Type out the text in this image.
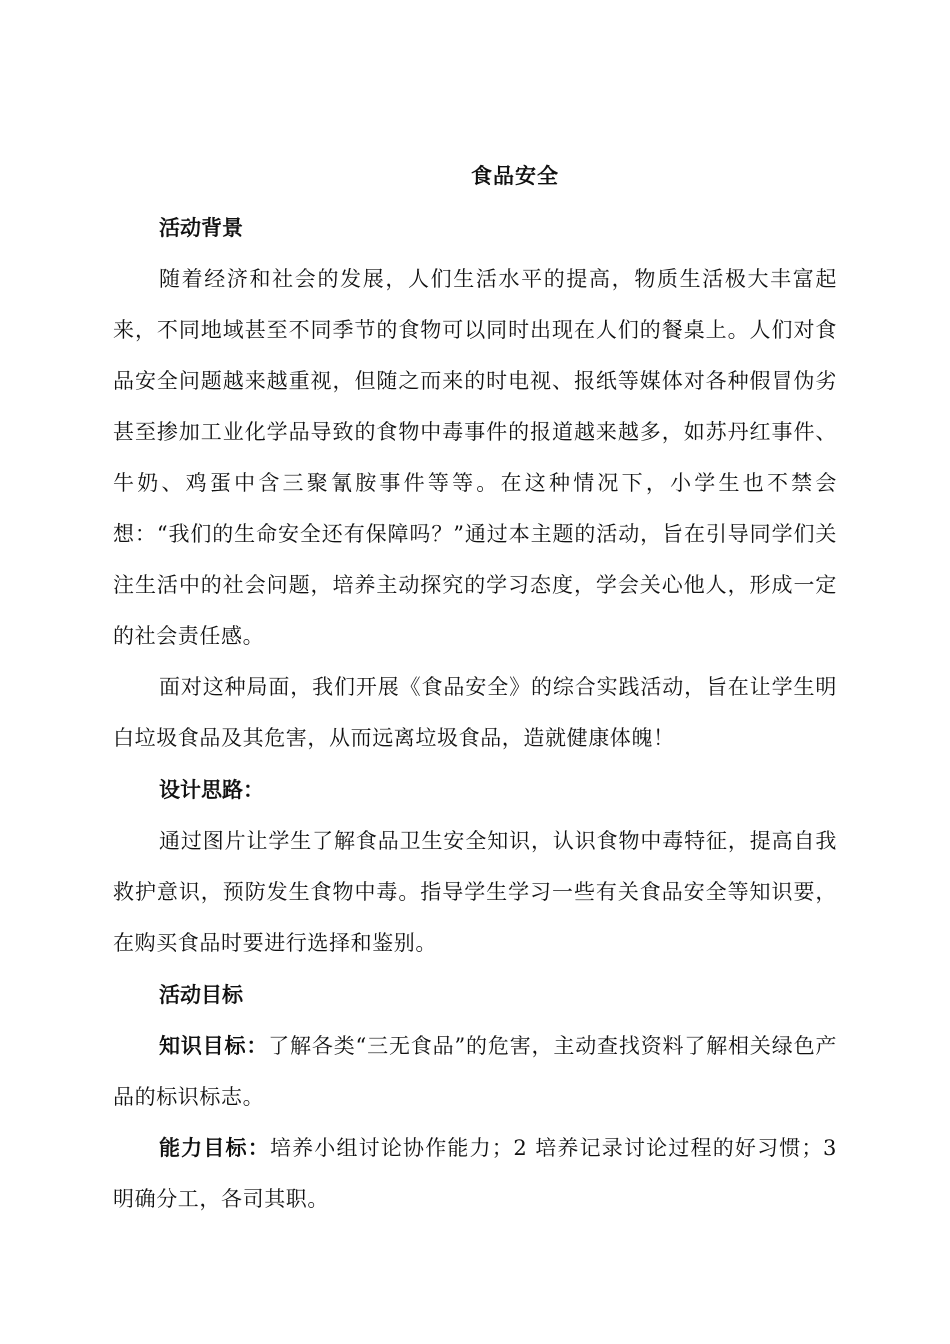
食品安全
活动背景

随着经济和社会的发展，人们生活水平的提高，物质生活极大丰富起来，不同地域甚至不同季节的食物可以同时出现在人们的餐桌上。人们对食品安全问题越来越重视，但随之而来的时电视、报纸等媒体对各种假冒伪劣甚至掺加工业化学品导致的食物中毒事件的报道越来越多，如苏丹红事件、牛奶、鸡蛋中含三聚氰胺事件等等。在这种情况下，小学生也不禁会想：“我们的生命安全还有保障吗？”通过本主题的活动，旨在引导同学们关注生活中的社会问题，培养主动探究的学习态度，学会关心他人，形成一定的社会责任感。

面对这种局面，我们开展《食品安全》的综合实践活动，旨在让学生明白垃圾食品及其危害，从而远离垃圾食品，造就健康体魄！

设计思路：

通过图片让学生了解食品卫生安全知识，认识食物中毒特征，提高自我救护意识，预防发生食物中毒。指导学生学习一些有关食品安全等知识要，在购买食品时要进行选择和鉴别。

活动目标

知识目标：了解各类“三无食品”的危害，主动查找资料了解相关绿色产品的标识标志。

能力目标：培养小组讨论协作能力；2 培养记录讨论过程的好习惯；3 明确分工，各司其职。
